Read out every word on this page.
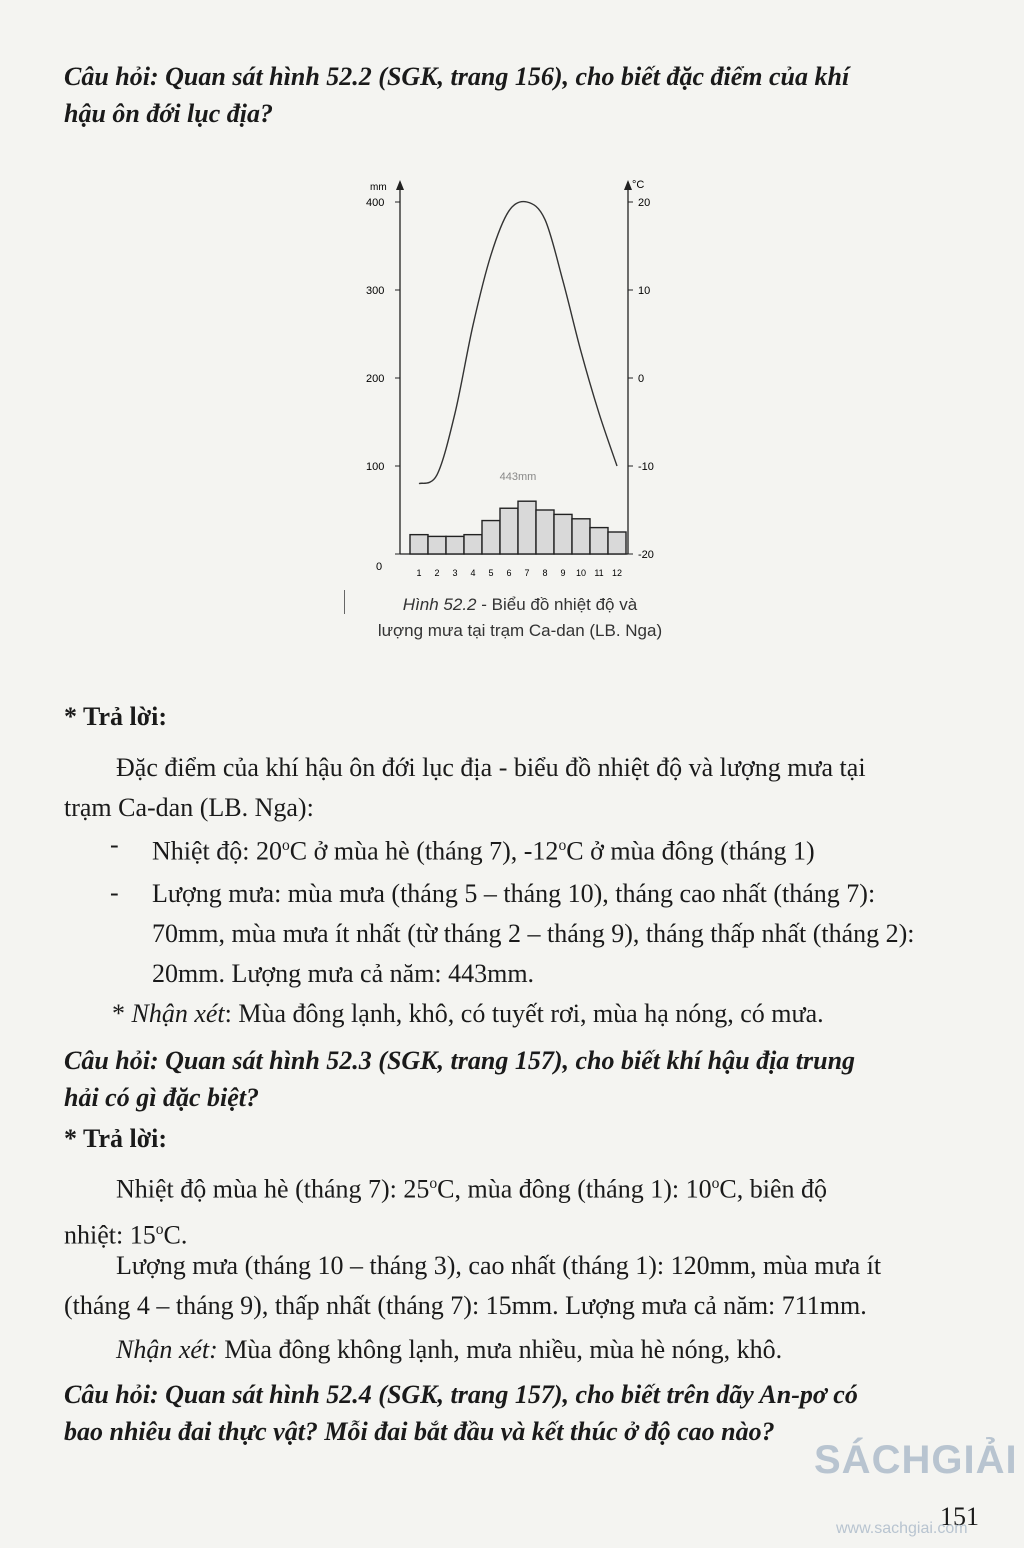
Câu hỏi: Quan sát hình 52.2 (SGK, trang 156), cho biết đặc điểm của khí
hậu ôn đới lục địa?
mm	°C
0
100
200
300
400
-20
-10
0
10
20
1 2 3 4 5 6 7 8 9 10 11 12
443mm
Hình 52.2 - Biểu đồ nhiệt độ và
lượng mưa tại trạm Ca-dan (LB. Nga)
* Trả lời:
Đặc điểm của khí hậu ôn đới lục địa - biểu đồ nhiệt độ và lượng mưa tại
trạm Ca-dan (LB. Nga):
- Nhiệt độ: 20$^o$C ở mùa hè (tháng 7), -12$^o$C ở mùa đông (tháng 1)
- Lượng mưa: mùa mưa (tháng 5 – tháng 10), tháng cao nhất (tháng 7):
70mm, mùa mưa ít nhất (từ tháng 2 – tháng 9), tháng thấp nhất (tháng 2):
20mm. Lượng mưa cả năm: 443mm.
* Nhận xét: Mùa đông lạnh, khô, có tuyết rơi, mùa hạ nóng, có mưa.
Câu hỏi: Quan sát hình 52.3 (SGK, trang 157), cho biết khí hậu địa trung
hải có gì đặc biệt?
* Trả lời:
Nhiệt độ mùa hè (tháng 7): 25$^o$C, mùa đông (tháng 1): 10$^o$C, biên độ
nhiệt: 15$^o$C.
Lượng mưa (tháng 10 – tháng 3), cao nhất (tháng 1): 120mm, mùa mưa ít
(tháng 4 – tháng 9), thấp nhất (tháng 7): 15mm. Lượng mưa cả năm: 711mm.
Nhận xét: Mùa đông không lạnh, mưa nhiều, mùa hè nóng, khô.
Câu hỏi: Quan sát hình 52.4 (SGK, trang 157), cho biết trên dãy An-pơ có
bao nhiêu đai thực vật? Mỗi đai bắt đầu và kết thúc ở độ cao nào?
SÁCHGIẢI
151
www.sachgiai.com
